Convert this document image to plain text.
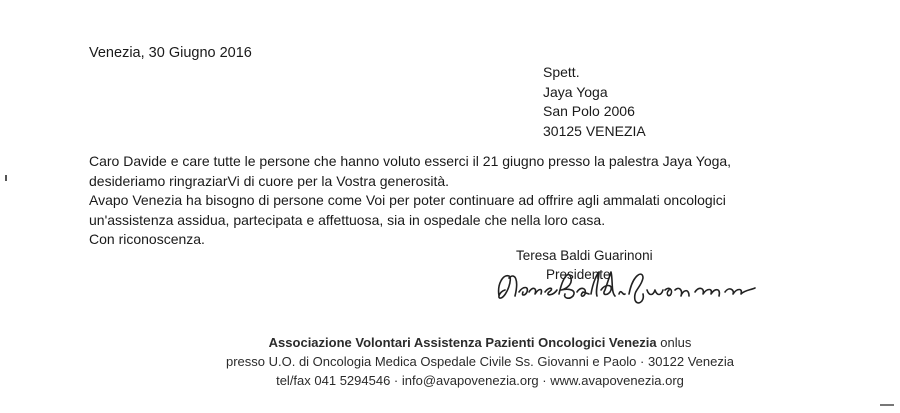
Venezia, 30 Giugno 2016
Spett.
Jaya Yoga
San Polo 2006
30125 VENEZIA
Caro Davide e care tutte le persone che hanno voluto esserci il 21 giugno presso la palestra Jaya Yoga,
desideriamo ringraziarVi di cuore per la Vostra generosità.
Avapo Venezia ha bisogno di persone come Voi per poter continuare ad offrire agli ammalati oncologici
un'assistenza assidua, partecipata e affettuosa, sia in ospedale che nella loro casa.
Con riconoscenza.
Teresa Baldi Guarinoni
Presidente
Associazione Volontari Assistenza Pazienti Oncologici Venezia onlus
presso U.O. di Oncologia Medica Ospedale Civile Ss. Giovanni e Paolo · 30122 Venezia
tel/fax 041 5294546 · info@avapovenezia.org · www.avapovenezia.org
